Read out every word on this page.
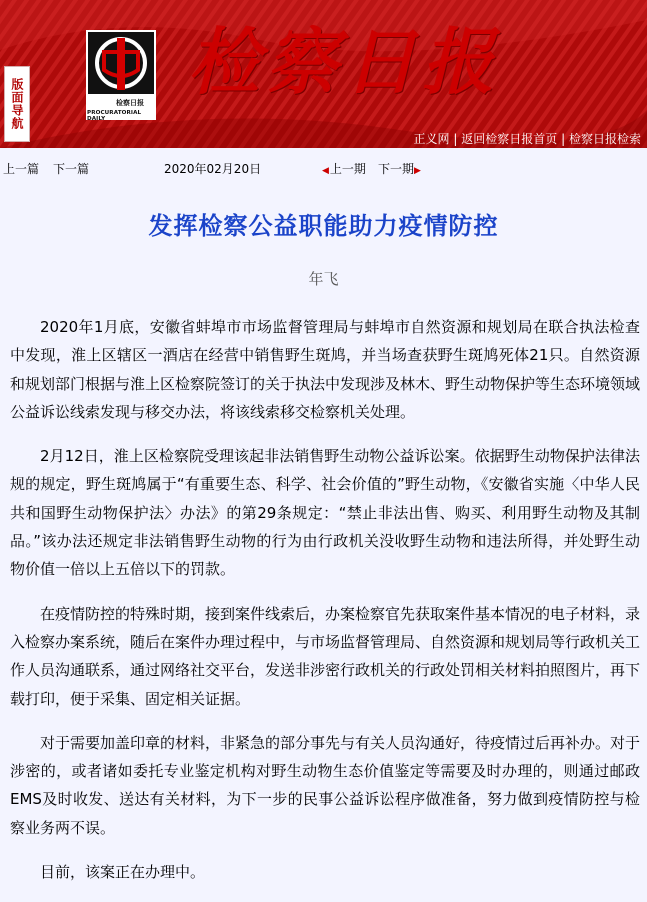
版面导航	检察日报
PROCURATORIAL DAILY
检察日报
正义网 | 返回检察日报首页 | 检察日报检索
上一篇 下一篇	2020年02月20日	◀上一期 下一期▶
发挥检察公益职能助力疫情防控
年飞

2020年1月底，安徽省蚌埠市市场监督管理局与蚌埠市自然资源和规划局在联合执法检查中发现，淮上区辖区一酒店在经营中销售野生斑鸠，并当场查获野生斑鸠死体21只。自然资源和规划部门根据与淮上区检察院签订的关于执法中发现涉及林木、野生动物保护等生态环境领域公益诉讼线索发现与移交办法，将该线索移交检察机关处理。

2月12日，淮上区检察院受理该起非法销售野生动物公益诉讼案。依据野生动物保护法律法规的规定，野生斑鸠属于“有重要生态、科学、社会价值的”野生动物，《安徽省实施〈中华人民共和国野生动物保护法〉办法》的第29条规定：“禁止非法出售、购买、利用野生动物及其制品。”该办法还规定非法销售野生动物的行为由行政机关没收野生动物和违法所得，并处野生动物价值一倍以上五倍以下的罚款。

在疫情防控的特殊时期，接到案件线索后，办案检察官先获取案件基本情况的电子材料，录入检察办案系统，随后在案件办理过程中，与市场监督管理局、自然资源和规划局等行政机关工作人员沟通联系，通过网络社交平台，发送非涉密行政机关的行政处罚相关材料拍照图片，再下载打印，便于采集、固定相关证据。

对于需要加盖印章的材料，非紧急的部分事先与有关人员沟通好，待疫情过后再补办。对于涉密的，或者诸如委托专业鉴定机构对野生动物生态价值鉴定等需要及时办理的，则通过邮政EMS及时收发、送达有关材料，为下一步的民事公益诉讼程序做准备，努力做到疫情防控与检察业务两不误。

目前，该案正在办理中。
